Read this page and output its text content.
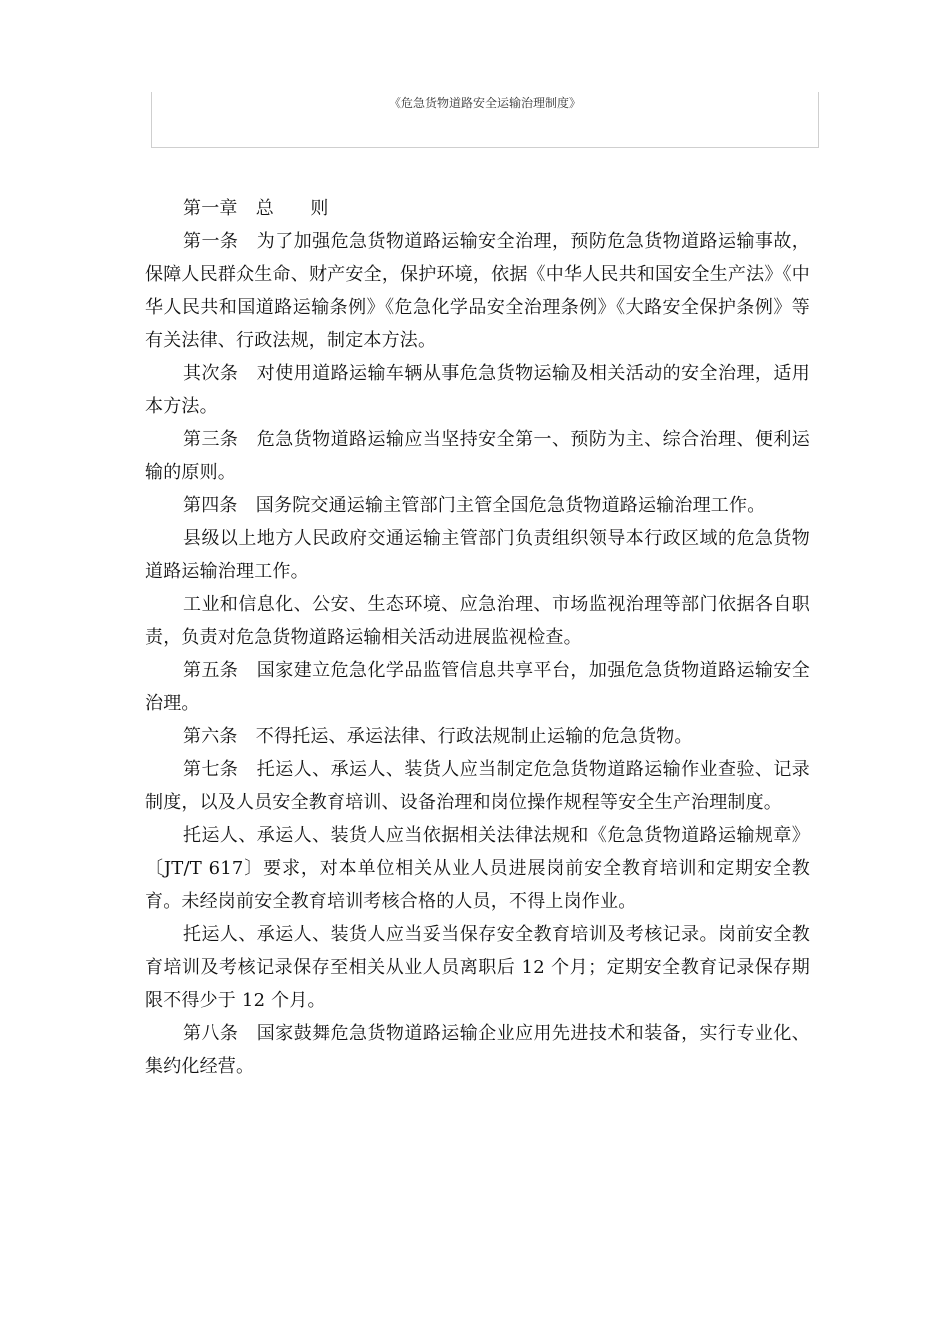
《危急货物道路安全运输治理制度》

第一章　总　　则

第一条　为了加强危急货物道路运输安全治理，预防危急货物道路运输事故，保障人民群众生命、财产安全，保护环境，依据《中华人民共和国安全生产法》《中华人民共和国道路运输条例》《危急化学品安全治理条例》《大路安全保护条例》等有关法律、行政法规，制定本方法。

其次条　对使用道路运输车辆从事危急货物运输及相关活动的安全治理，适用本方法。

第三条　危急货物道路运输应当坚持安全第一、预防为主、综合治理、便利运输的原则。

第四条　国务院交通运输主管部门主管全国危急货物道路运输治理工作。

县级以上地方人民政府交通运输主管部门负责组织领导本行政区域的危急货物道路运输治理工作。

工业和信息化、公安、生态环境、应急治理、市场监视治理等部门依据各自职责，负责对危急货物道路运输相关活动进展监视检查。

第五条　国家建立危急化学品监管信息共享平台，加强危急货物道路运输安全治理。

第六条　不得托运、承运法律、行政法规制止运输的危急货物。

第七条　托运人、承运人、装货人应当制定危急货物道路运输作业查验、记录制度，以及人员安全教育培训、设备治理和岗位操作规程等安全生产治理制度。

托运人、承运人、装货人应当依据相关法律法规和《危急货物道路运输规章》〔JT/T 617〕要求，对本单位相关从业人员进展岗前安全教育培训和定期安全教育。未经岗前安全教育培训考核合格的人员，不得上岗作业。

托运人、承运人、装货人应当妥当保存安全教育培训及考核记录。岗前安全教育培训及考核记录保存至相关从业人员离职后 12 个月；定期安全教育记录保存期限不得少于 12 个月。

第八条　国家鼓舞危急货物道路运输企业应用先进技术和装备，实行专业化、集约化经营。
